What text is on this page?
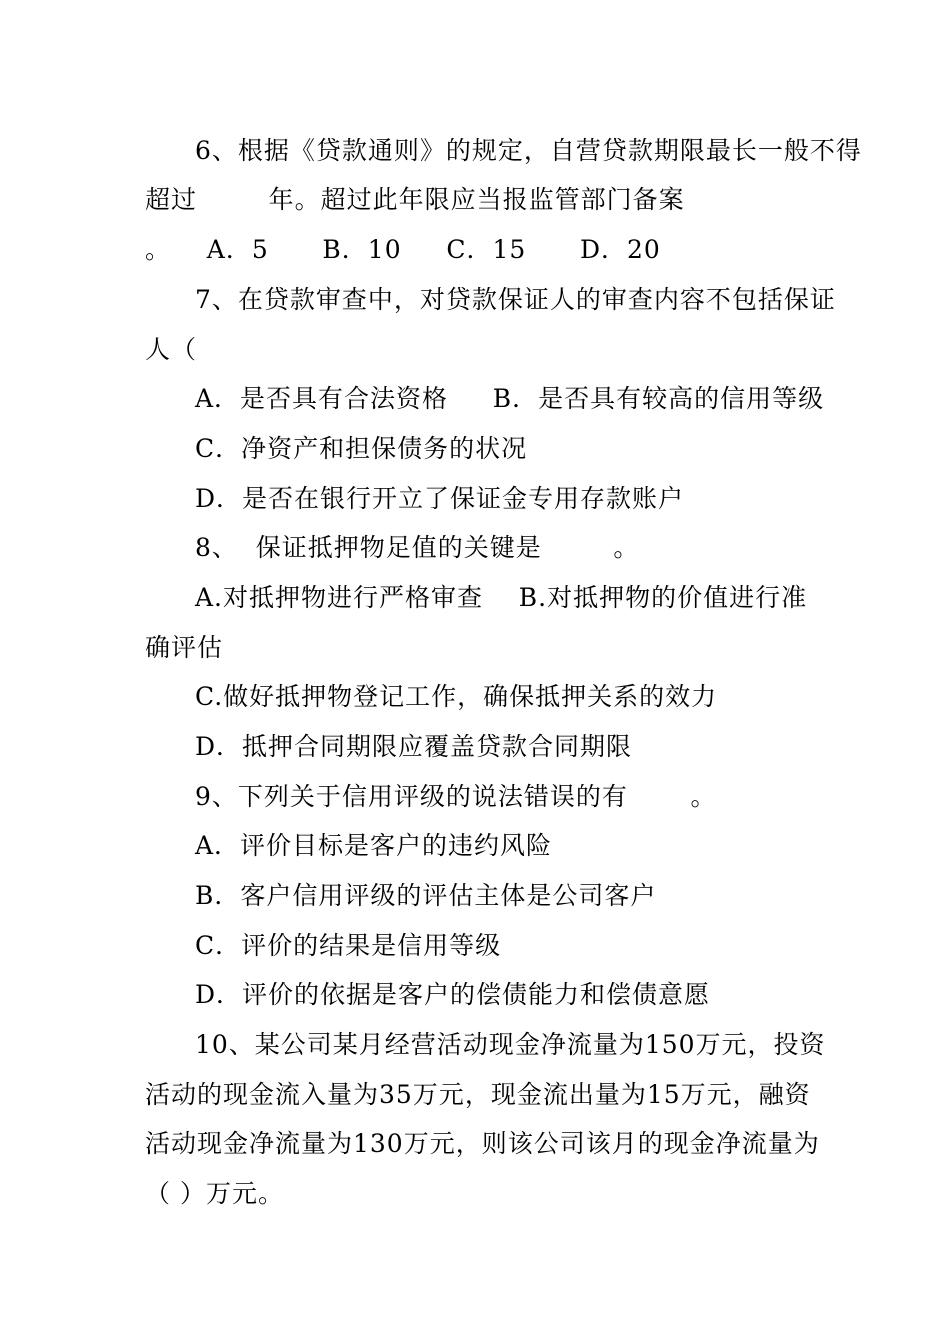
6、根据《贷款通则》的规定，自营贷款期限最长一般不得
超过        年。超过此年限应当报监管部门备案
。    A．5      B．10     C．15      D．20
7、在贷款审查中，对贷款保证人的审查内容不包括保证
人（
A．是否具有合法资格     B．是否具有较高的信用等级
C．净资产和担保债务的状况
D．是否在银行开立了保证金专用存款账户
8、  保证抵押物足值的关键是        。
A.对抵押物进行严格审查    B.对抵押物的价值进行准
确评估
C.做好抵押物登记工作，确保抵押关系的效力
D．抵押合同期限应覆盖贷款合同期限
9、下列关于信用评级的说法错误的有       。
A．评价目标是客户的违约风险
B．客户信用评级的评估主体是公司客户
C．评价的结果是信用等级
D．评价的依据是客户的偿债能力和偿债意愿
10、某公司某月经营活动现金净流量为150万元，投资
活动的现金流入量为35万元，现金流出量为15万元，融资
活动现金净流量为130万元，则该公司该月的现金净流量为
（ ）万元。
